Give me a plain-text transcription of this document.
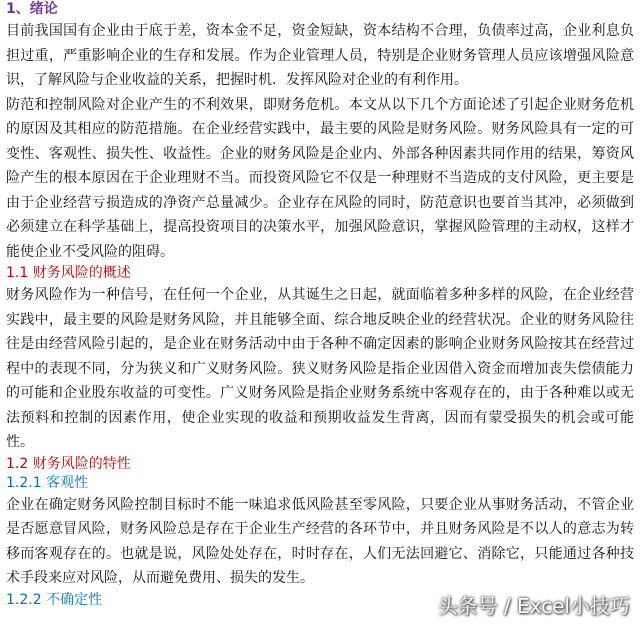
1、绪论

目前我国国有企业由于底于差，资本金不足，资金短缺，资本结构不合理，负债率过高，企业利息负担过重，严重影响企业的生存和发展。作为企业管理人员，特别是企业财务管理人员应该增强风险意识，了解风险与企业收益的关系，把握时机．发挥风险对企业的有利作用。

防范和控制风险对企业产生的不利效果，即财务危机。本文从以下几个方面论述了引起企业财务危机的原因及其相应的防范措施。在企业经营实践中，最主要的风险是财务风险。财务风险具有一定的可变性、客观性、损失性、收益性。企业的财务风险是企业内、外部各种因素共同作用的结果，筹资风险产生的根本原因在于企业理财不当。而投资风险它不仅是一种理财不当造成的支付风险，更主要是由于企业经营亏损造成的净资产总量减少。企业存在风险的同时，防范意识也要首当其冲，必须做到必须建立在科学基础上，提高投资项目的决策水平，加强风险意识，掌握风险管理的主动权，这样才能使企业不受风险的阻碍。

1.1 财务风险的概述

财务风险作为一种信号，在任何一个企业，从其诞生之日起，就面临着多种多样的风险，在企业经营实践中，最主要的风险是财务风险，并且能够全面、综合地反映企业的经营状况。企业的财务风险往往是由经营风险引起的，是企业在财务活动中由于各种不确定因素的影响企业财务风险按其在经营过程中的表现不同，分为狭义和广义财务风险。狭义财务风险是指企业因借入资金而增加丧失偿债能力的可能和企业股东收益的可变性。广义财务风险是指企业财务系统中客观存在的，由于各种难以或无法预料和控制的因素作用，使企业实现的收益和预期收益发生背离，因而有蒙受损失的机会或可能性。

1.2 财务风险的特性
1.2.1 客观性

企业在确定财务风险控制目标时不能一味追求低风险甚至零风险，只要企业从事财务活动，不管企业是否愿意冒风险，财务风险总是存在于企业生产经营的各环节中，并且财务风险是不以人的意志为转移而客观存在的。也就是说，风险处处存在，时时存在，人们无法回避它、消除它，只能通过各种技术手段来应对风险，从而避免费用、损失的发生。

1.2.2 不确定性	头条号 / Excel小技巧
